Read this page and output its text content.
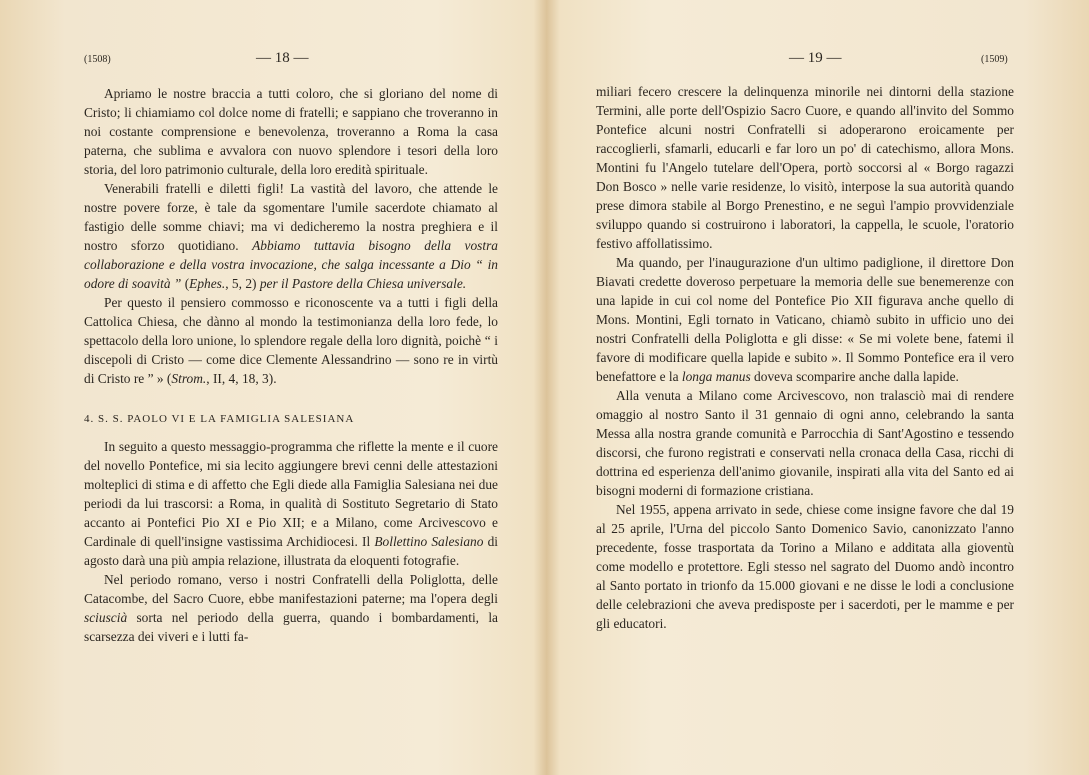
(1508)	— 18 —

Apriamo le nostre braccia a tutti coloro, che si gloriano del nome di Cristo; li chiamiamo col dolce nome di fratelli; e sappiano che troveranno in noi costante comprensione e benevolenza, troveranno a Roma la casa paterna, che sublima e avvalora con nuovo splendore i tesori della loro storia, del loro patrimonio culturale, della loro eredità spirituale.

Venerabili fratelli e diletti figli! La vastità del lavoro, che attende le nostre povere forze, è tale da sgomentare l'umile sacerdote chiamato al fastigio delle somme chiavi; ma vi dedicheremo la nostra preghiera e il nostro sforzo quotidiano. Abbiamo tuttavia bisogno della vostra collaborazione e della vostra invocazione, che salga incessante a Dio “ in odore di soavità ” (Ephes., 5, 2) per il Pastore della Chiesa universale.

Per questo il pensiero commosso e riconoscente va a tutti i figli della Cattolica Chiesa, che dànno al mondo la testimonianza della loro fede, lo spettacolo della loro unione, lo splendore regale della loro dignità, poichè “ i discepoli di Cristo — come dice Clemente Alessandrino — sono re in virtù di Cristo re ” » (Strom., II, 4, 18, 3).

4. S. S. PAOLO VI E LA FAMIGLIA SALESIANA

In seguito a questo messaggio-programma che riflette la mente e il cuore del novello Pontefice, mi sia lecito aggiungere brevi cenni delle attestazioni molteplici di stima e di affetto che Egli diede alla Famiglia Salesiana nei due periodi da lui trascorsi: a Roma, in qualità di Sostituto Segretario di Stato accanto ai Pontefici Pio XI e Pio XII; e a Milano, come Arcivescovo e Cardinale di quell'insigne vastissima Archidiocesi. Il Bollettino Salesiano di agosto darà una più ampia relazione, illustrata da eloquenti fotografie.

Nel periodo romano, verso i nostri Confratelli della Poliglotta, delle Catacombe, del Sacro Cuore, ebbe manifestazioni paterne; ma l'opera degli sciuscià sorta nel periodo della guerra, quando i bombardamenti, la scarsezza dei viveri e i lutti fa-

— 19 —	(1509)

miliari fecero crescere la delinquenza minorile nei dintorni della stazione Termini, alle porte dell'Ospizio Sacro Cuore, e quando all'invito del Sommo Pontefice alcuni nostri Confratelli si adoperarono eroicamente per raccoglierli, sfamarli, educarli e far loro un po' di catechismo, allora Mons. Montini fu l'Angelo tutelare dell'Opera, portò soccorsi al « Borgo ragazzi Don Bosco » nelle varie residenze, lo visitò, interpose la sua autorità quando prese dimora stabile al Borgo Prenestino, e ne seguì l'ampio provvidenziale sviluppo quando si costruirono i laboratori, la cappella, le scuole, l'oratorio festivo affollatissimo.

Ma quando, per l'inaugurazione d'un ultimo padiglione, il direttore Don Biavati credette doveroso perpetuare la memoria delle sue benemerenze con una lapide in cui col nome del Pontefice Pio XII figurava anche quello di Mons. Montini, Egli tornato in Vaticano, chiamò subito in ufficio uno dei nostri Confratelli della Poliglotta e gli disse: « Se mi volete bene, fatemi il favore di modificare quella lapide e subito ». Il Sommo Pontefice era il vero benefattore e la longa manus doveva scomparire anche dalla lapide.

Alla venuta a Milano come Arcivescovo, non tralasciò mai di rendere omaggio al nostro Santo il 31 gennaio di ogni anno, celebrando la santa Messa alla nostra grande comunità e Parrocchia di Sant'Agostino e tessendo discorsi, che furono registrati e conservati nella cronaca della Casa, ricchi di dottrina ed esperienza dell'animo giovanile, inspirati alla vita del Santo ed ai bisogni moderni di formazione cristiana.

Nel 1955, appena arrivato in sede, chiese come insigne favore che dal 19 al 25 aprile, l'Urna del piccolo Santo Domenico Savio, canonizzato l'anno precedente, fosse trasportata da Torino a Milano e additata alla gioventù come modello e protettore. Egli stesso nel sagrato del Duomo andò incontro al Santo portato in trionfo da 15.000 giovani e ne disse le lodi a conclusione delle celebrazioni che aveva predisposte per i sacerdoti, per le mamme e per gli educatori.
